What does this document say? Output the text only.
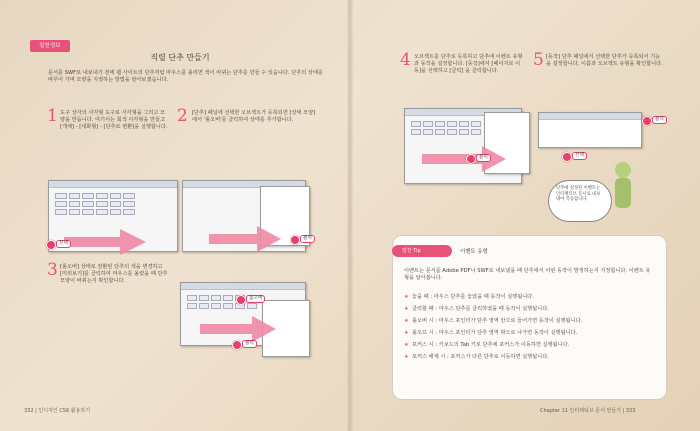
알찬정보
직렬 단추 만들기
문서를 SWF로 내보내기 전에 웹 사이트의 단추처럼 마우스를 올리면 색이 바뀌는 단추를 만들 수 있습니다. 단추의 상태를 바꾸어 가며 모양을 지정하는 방법을 알아보겠습니다.
1 도구 상자의 사각형 도구로 사각형을 그리고 모양을 만듭니다. 여기서는 회색 사각형을 만들고 [개체] - [대화형] - [단추로 변환]을 실행합니다.
2 [단추] 패널에 선택한 오브젝트가 등록되면 [상태 모양] 에서 '롤오버'를 클릭하여 상태를 추가합니다.
선택
클릭
3 [롤오버] 상태로 전환된 단추의 색을 변경하고 [미리보기]를 클릭하여 마우스를 올렸을 때 단추 모양이 바뀌는지 확인합니다.
롤오버
클릭
332 | 인디자인 CS6 활용하기
4 오브젝트를 단추로 등록하고 단추에 이벤트 유형과 동작을 설정합니다. [동작]에서 [페이지로 이동]을 선택하고 [클릭] 을 클릭합니다.
5 [동작] 단추 패널에서 선택한 단추가 등록되어 기능을 설정합니다. 이름과 오브젝트 유형을 확인합니다.
클릭
클릭
선택
단추에 설정된 이벤트는 인터랙티브 문서로 내보내야 작동합니다.
알찬 Tip	이벤트 유형
이벤트는 문서를 Adobe PDF나 SWF로 내보냈을 때 단추에서 어떤 동작이 발생하는지 지정합니다. 이벤트 유형을 알아봅니다.
★ 놓을 때 : 마우스 단추를 놓았을 때 동작이 실행됩니다.
★ 클릭할 때 : 마우스 단추를 클릭하였을 때 동작이 실행됩니다.
★ 롤오버 시 : 마우스 포인터가 단추 영역 안으로 들어가면 동작이 실행됩니다.
★ 롤오프 시 : 마우스 포인터가 단추 영역 밖으로 나가면 동작이 실행됩니다.
★ 포커스 시 : 키보드의 Tab 키로 단추에 포커스가 이동하면 실행됩니다.
★ 포커스 해제 시 : 포커스가 다른 단추로 이동하면 실행됩니다.
Chapter 11 인터랙티브 문서 만들기 | 333
